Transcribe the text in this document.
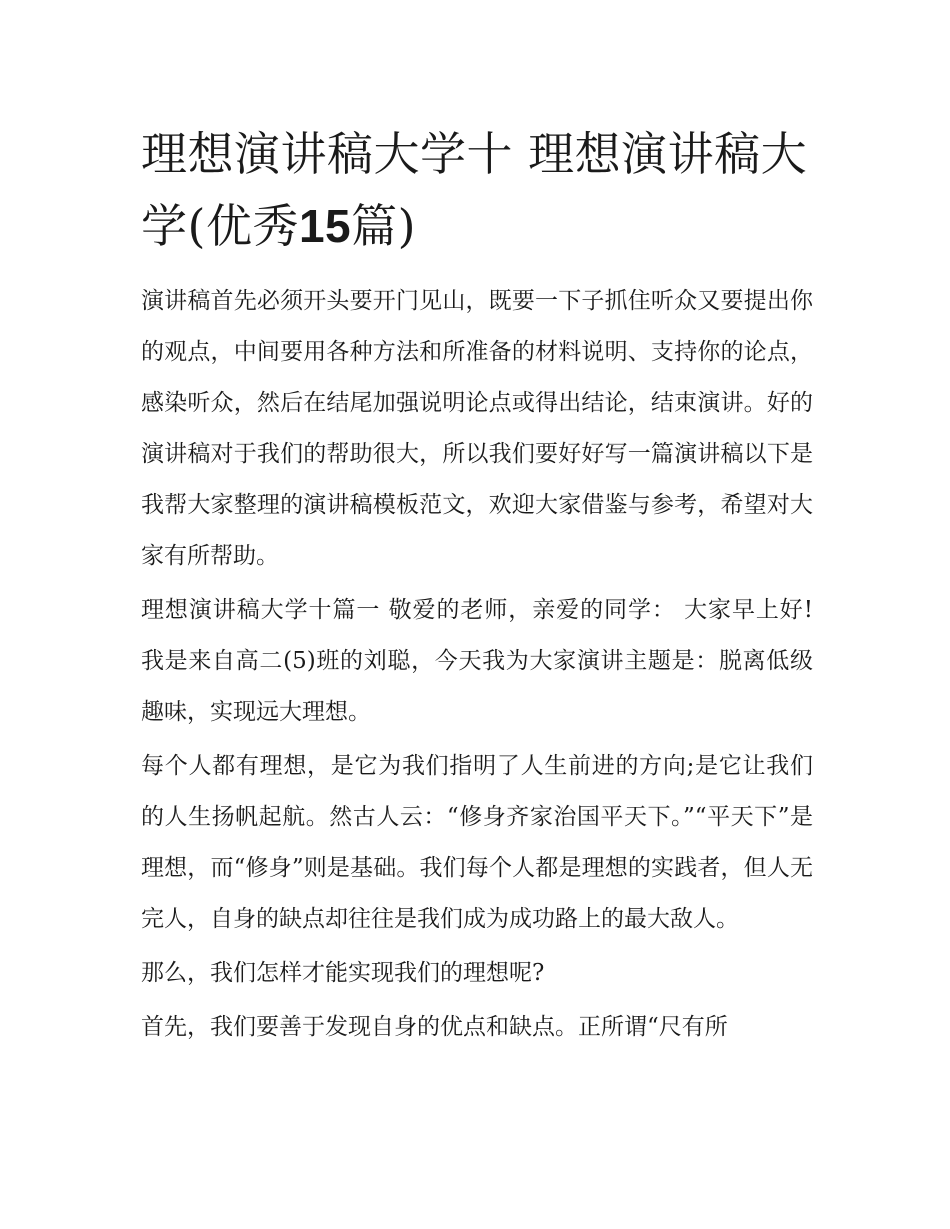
理想演讲稿大学十 理想演讲稿大学(优秀15篇)

演讲稿首先必须开头要开门见山，既要一下子抓住听众又要提出你的观点，中间要用各种方法和所准备的材料说明、支持你的论点，感染听众，然后在结尾加强说明论点或得出结论，结束演讲。好的演讲稿对于我们的帮助很大，所以我们要好好写一篇演讲稿以下是我帮大家整理的演讲稿模板范文，欢迎大家借鉴与参考，希望对大家有所帮助。

理想演讲稿大学十篇一 敬爱的老师，亲爱的同学： 大家早上好! 我是来自高二(5)班的刘聪，今天我为大家演讲主题是：脱离低级趣味，实现远大理想。

每个人都有理想，是它为我们指明了人生前进的方向;是它让我们的人生扬帆起航。然古人云：“修身齐家治国平天下。”“平天下”是理想，而“修身”则是基础。我们每个人都是理想的实践者，但人无完人，自身的缺点却往往是我们成为成功路上的最大敌人。

那么，我们怎样才能实现我们的理想呢?

首先，我们要善于发现自身的优点和缺点。正所谓“尺有所
